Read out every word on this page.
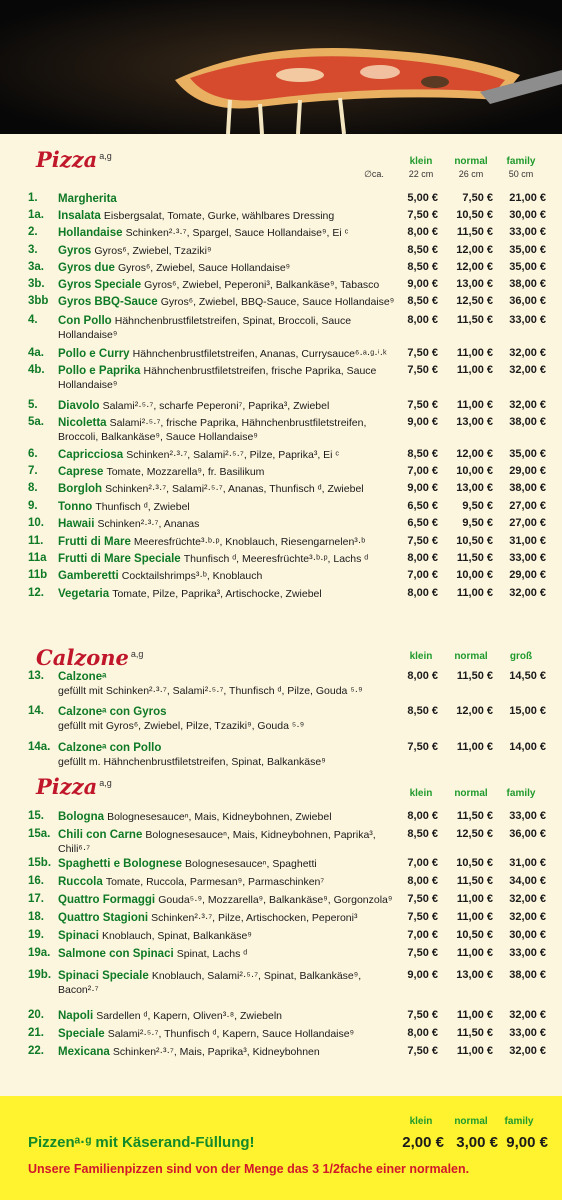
Pizza $^{a,g}$	klein
22 cm
normal
26 cm
family
50 cm
∅ca.
1. Margherita	5,00 €	7,50 €	21,00 €
1a. Insalata Eisbergsalat, Tomate, Gurke, wählbares Dressing	7,50 €	10,50 €	30,00 €
2. Hollandaise Schinken²·³·⁷, Spargel, Sauce Hollandaise⁹, Ei ᶜ	8,00 €	11,50 €	33,00 €
3. Gyros Gyros⁶, Zwiebel, Tzaziki⁹	8,50 €	12,00 €	35,00 €
3a. Gyros due Gyros⁶, Zwiebel, Sauce Hollandaise⁹	8,50 €	12,00 €	35,00 €
3b. Gyros Speciale Gyros⁶, Zwiebel, Peperoni³, Balkankäse⁹, Tabasco	9,00 €	13,00 €	38,00 €
3bb Gyros BBQ-Sauce Gyros⁶, Zwiebel, BBQ-Sauce, Sauce Hollandaise⁹	8,50 €	12,50 €	36,00 €
4. Con Pollo Hähnchenbrustfiletstreifen, Spinat, Broccoli, Sauce Hollandaise⁹
8,00 €	11,50 €	33,00 €
4a. Pollo e Curry Hähnchenbrustfiletstreifen, Ananas, Currysauce⁶·ᵃ·ᵍ·ⁱ·ᵏ	7,50 €	11,00 €	32,00 €
4b. Pollo e Paprika Hähnchenbrustfiletstreifen, frische Paprika, Sauce Hollandaise⁹
7,50 €	11,00 €	32,00 €
5. Diavolo Salami²·⁵·⁷, scharfe Peperoni⁷, Paprika³, Zwiebel	7,50 €	11,00 €	32,00 €
5a. Nicoletta Salami²·⁵·⁷, frische Paprika, Hähnchenbrustfiletstreifen, Broccoli, Balkankäse⁹, Sauce Hollandaise⁹
9,00 €	13,00 €	38,00 €
6. Capricciosa Schinken²·³·⁷, Salami²·⁵·⁷, Pilze, Paprika³, Ei ᶜ	8,50 €	12,00 €	35,00 €
7. Caprese Tomate, Mozzarella⁹, fr. Basilikum	7,00 €	10,00 €	29,00 €
8. Borgloh Schinken²·³·⁷, Salami²·⁵·⁷, Ananas, Thunfisch ᵈ, Zwiebel	9,00 €	13,00 €	38,00 €
9. Tonno Thunfisch ᵈ, Zwiebel	6,50 €	9,50 €	27,00 €
10. Hawaii Schinken²·³·⁷, Ananas	6,50 €	9,50 €	27,00 €
11. Frutti di Mare Meeresfrüchte³·ᵇ·ᵖ, Knoblauch, Riesengarnelen³·ᵇ	7,50 €	10,50 €	31,00 €
11a Frutti di Mare Speciale Thunfisch ᵈ, Meeresfrüchte³·ᵇ·ᵖ, Lachs ᵈ	8,00 €	11,50 €	33,00 €
11b Gamberetti Cocktailshrimps³·ᵇ, Knoblauch	7,00 €	10,00 €	29,00 €
12. Vegetaria Tomate, Pilze, Paprika³, Artischocke, Zwiebel	8,00 €	11,00 €	32,00 €
Calzone $^{a,g}$	klein	normal	groß
13. Calzoneᵃ
gefüllt mit Schinken²·³·⁷, Salami²·⁵·⁷, Thunfisch ᵈ, Pilze, Gouda ⁵·⁹
8,00 €	11,50 €	14,50 €
14. Calzoneᵃ con Gyros
gefüllt mit Gyros⁶, Zwiebel, Pilze, Tzaziki⁹, Gouda ⁵·⁹
8,50 €	12,00 €	15,00 €
14a. Calzoneᵃ con Pollo
gefüllt m. Hähnchenbrustfiletstreifen, Spinat, Balkankäse⁹
7,50 €	11,00 €	14,00 €
Pizza $^{a,g}$
klein	normal	family
15. Bologna Bolognesesauceⁿ, Mais, Kidneybohnen, Zwiebel	8,00 €	11,50 €	33,00 €
15a. Chili con Carne Bolognesesauceⁿ, Mais, Kidneybohnen, Paprika³, Chili⁶·⁷
8,50 €	12,50 €	36,00 €
15b. Spaghetti e Bolognese Bolognesesauceⁿ, Spaghetti	7,00 €	10,50 €	31,00 €
16. Ruccola Tomate, Ruccola, Parmesan⁹, Parmaschinken⁷	8,00 €	11,50 €	34,00 €
17. Quattro Formaggi Gouda⁵·⁹, Mozzarella⁹, Balkankäse⁹, Gorgonzola⁹	7,50 €	11,00 €	32,00 €
18. Quattro Stagioni Schinken²·³·⁷, Pilze, Artischocken, Peperoni³	7,50 €	11,00 €	32,00 €
19. Spinaci Knoblauch, Spinat, Balkankäse⁹	7,00 €	10,50 €	30,00 €
19a. Salmone con Spinaci Spinat, Lachs ᵈ	7,50 €	11,00 €	33,00 €
19b. Spinaci Speciale Knoblauch, Salami²·⁵·⁷, Spinat, Balkankäse⁹, Bacon²·⁷
9,00 €	13,00 €	38,00 €
20. Napoli Sardellen ᵈ, Kapern, Oliven³·⁸, Zwiebeln	7,50 €	11,00 €	32,00 €
21. Speciale Salami²·⁵·⁷, Thunfisch ᵈ, Kapern, Sauce Hollandaise⁹	8,00 €	11,50 €	33,00 €
22. Mexicana Schinken²·³·⁷, Mais, Paprika³, Kidneybohnen	7,50 €	11,00 €	32,00 €
klein	normal	family
Pizzenᵃ·ᵍ mit Käserand-Füllung!	2,00 € 3,00 € 9,00 €
Unsere Familienpizzen sind von der Menge das 3 1/2fache einer normalen.
